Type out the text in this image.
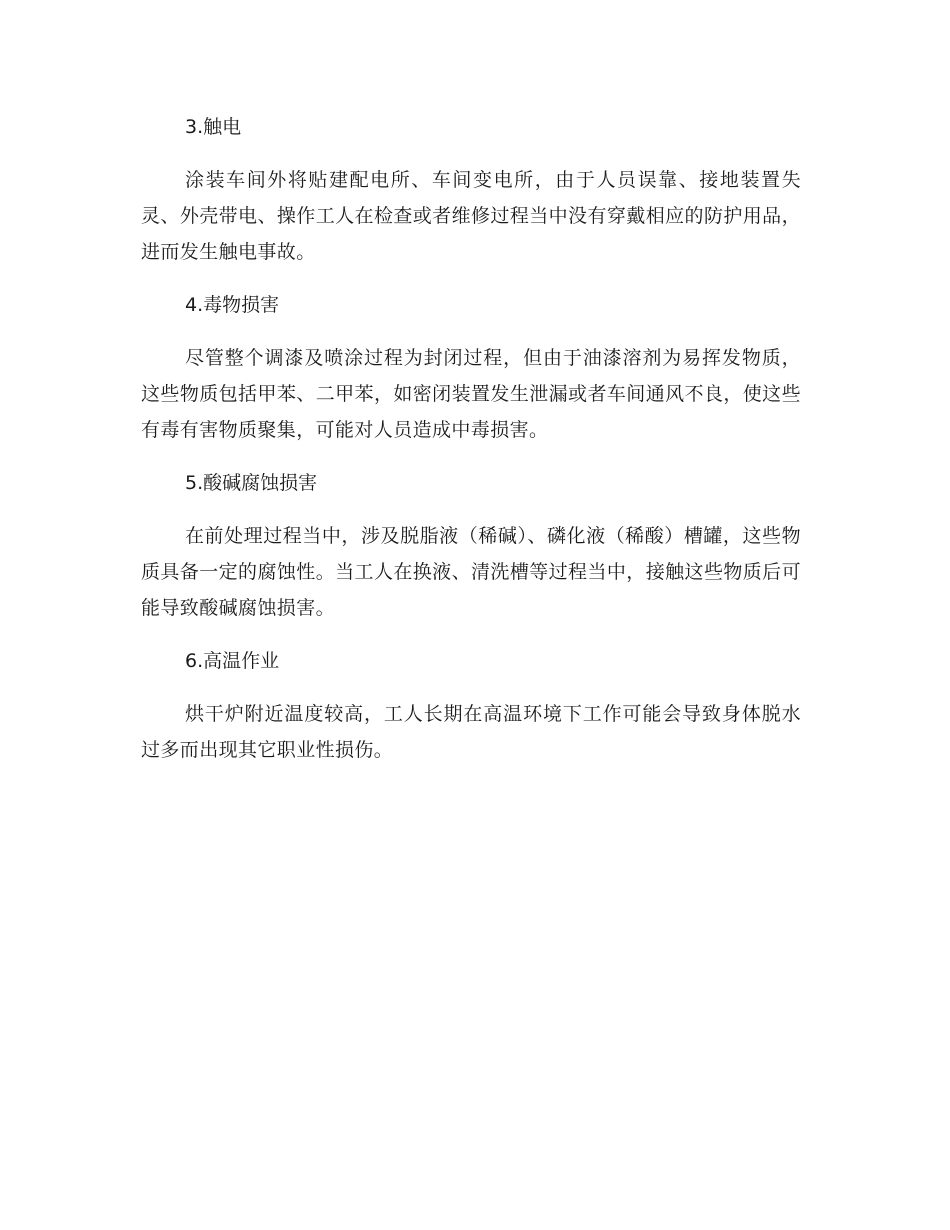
3.触电

涂装车间外将贴建配电所、车间变电所，由于人员误靠、接地装置失灵、外壳带电、操作工人在检查或者维修过程当中没有穿戴相应的防护用品，进而发生触电事故。

4.毒物损害

尽管整个调漆及喷涂过程为封闭过程，但由于油漆溶剂为易挥发物质，这些物质包括甲苯、二甲苯，如密闭装置发生泄漏或者车间通风不良，使这些有毒有害物质聚集，可能对人员造成中毒损害。

5.酸碱腐蚀损害

在前处理过程当中，涉及脱脂液（稀碱）、磷化液（稀酸）槽罐，这些物质具备一定的腐蚀性。当工人在换液、清洗槽等过程当中，接触这些物质后可能导致酸碱腐蚀损害。

6.高温作业

烘干炉附近温度较高，工人长期在高温环境下工作可能会导致身体脱水过多而出现其它职业性损伤。
